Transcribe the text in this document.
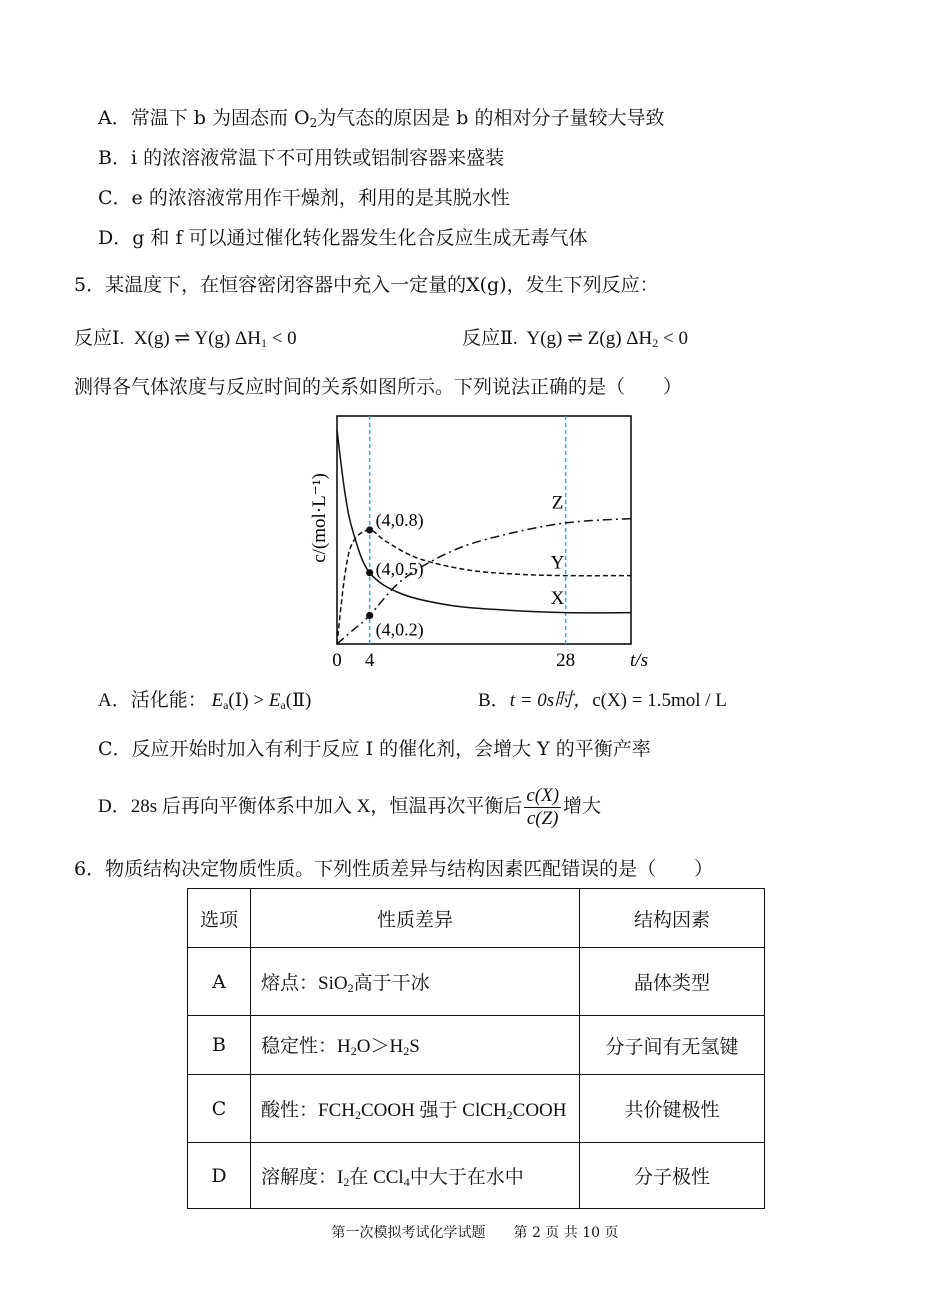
A．常温下 b 为固态而 $O_2$为气态的原因是 b 的相对分子量较大导致
B．i 的浓溶液常温下不可用铁或铝制容器来盛装
C．e 的浓溶液常用作干燥剂，利用的是其脱水性
D．g 和 f 可以通过催化转化器发生化合反应生成无毒气体
5．某温度下，在恒容密闭容器中充入一定量的X(g)，发生下列反应：
反应Ⅰ. X(g) ⇌ Y(g) $\Delta H_1 < 0$	反应Ⅱ. Y(g) ⇌ Z(g) $\Delta H_2 < 0$
测得各气体浓度与反应时间的关系如图所示。下列说法正确的是（　　）
X
Y
Z
(4,0.8)
(4,0.5)
(4,0.2)
0 4	28	t/s
c/(mol·L⁻¹)
A．活化能： $E_a(Ⅰ)$ > $E_a(Ⅱ)$	B．t = 0s时，c(X) = 1.5mol / L
C．反应开始时加入有利于反应 I 的催化剂，会增大 Y 的平衡产率
D．28s 后再向平衡体系中加入 X，恒温再次平衡后 $\frac{c(X)}{c(Z)}$ 增大
6．物质结构决定物质性质。下列性质差异与结构因素匹配错误的是（　　）
选项	性质差异	结构因素
A	熔点：SiO$_2$高于干冰	晶体类型
B	稳定性：$H_2O>H_2S$	分子间有无氢键
C	酸性：$FCH_2COOH$ 强于 ClCH$_2$COOH	共价键极性
D	溶解度：$I_2$在 CCl$_4$中大于在水中	分子极性
第一次模拟考试化学试题　　第 2 页 共 10 页
